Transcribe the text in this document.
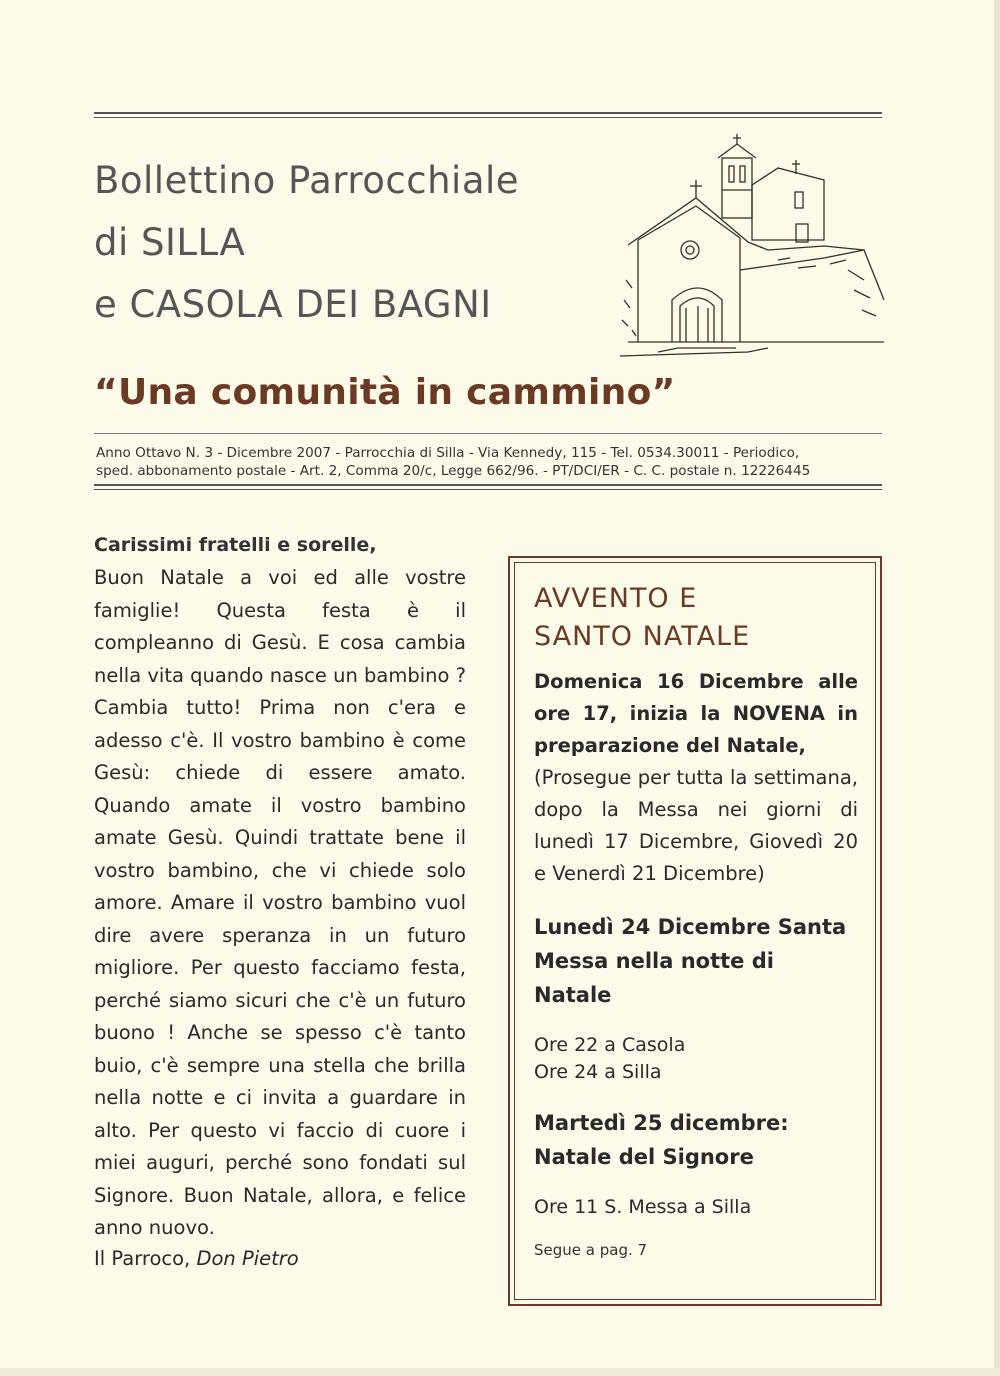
Bollettino Parrocchiale
di SILLA
e CASOLA DEI BAGNI
“Una comunità in cammino”
Anno Ottavo N. 3 - Dicembre 2007 - Parrocchia di Silla - Via Kennedy, 115 - Tel. 0534.30011 - Periodico,
sped. abbonamento postale - Art. 2, Comma 20/c, Legge 662/96. - PT/DCI/ER - C. C. postale n. 12226445
Carissimi fratelli e sorelle,
Buon Natale a voi ed alle vostre famiglie! Questa festa è il compleanno di Gesù. E cosa cambia nella vita quando nasce un bambino ? Cambia tutto! Prima non c'era e adesso c'è. Il vostro bambino è come Gesù: chiede di essere amato. Quando amate il vostro bambino amate Gesù. Quindi trattate bene il vostro bambino, che vi chiede solo amore. Amare il vostro bambino vuol dire avere speranza in un futuro migliore. Per questo facciamo festa, perché siamo sicuri che c'è un futuro buono ! Anche se spesso c'è tanto buio, c'è sempre una stella che brilla nella notte e ci invita a guardare in alto. Per questo vi faccio di cuore i miei auguri, perché sono fondati sul Signore. Buon Natale, allora, e felice anno nuovo.
Il Parroco, Don Pietro
AVVENTO E
SANTO NATALE
Domenica 16 Dicembre alle ore 17, inizia la NOVENA in preparazione del Natale,
(Prosegue per tutta la settimana, dopo la Messa nei giorni di lunedì 17 Dicembre, Giovedì 20 e Venerdì 21 Dicembre)
Lunedì 24 Dicembre Santa Messa nella notte di Natale
Ore 22 a Casola
Ore 24 a Silla
Martedì 25 dicembre: Natale del Signore
Ore 11 S. Messa a Silla
Segue a pag. 7
